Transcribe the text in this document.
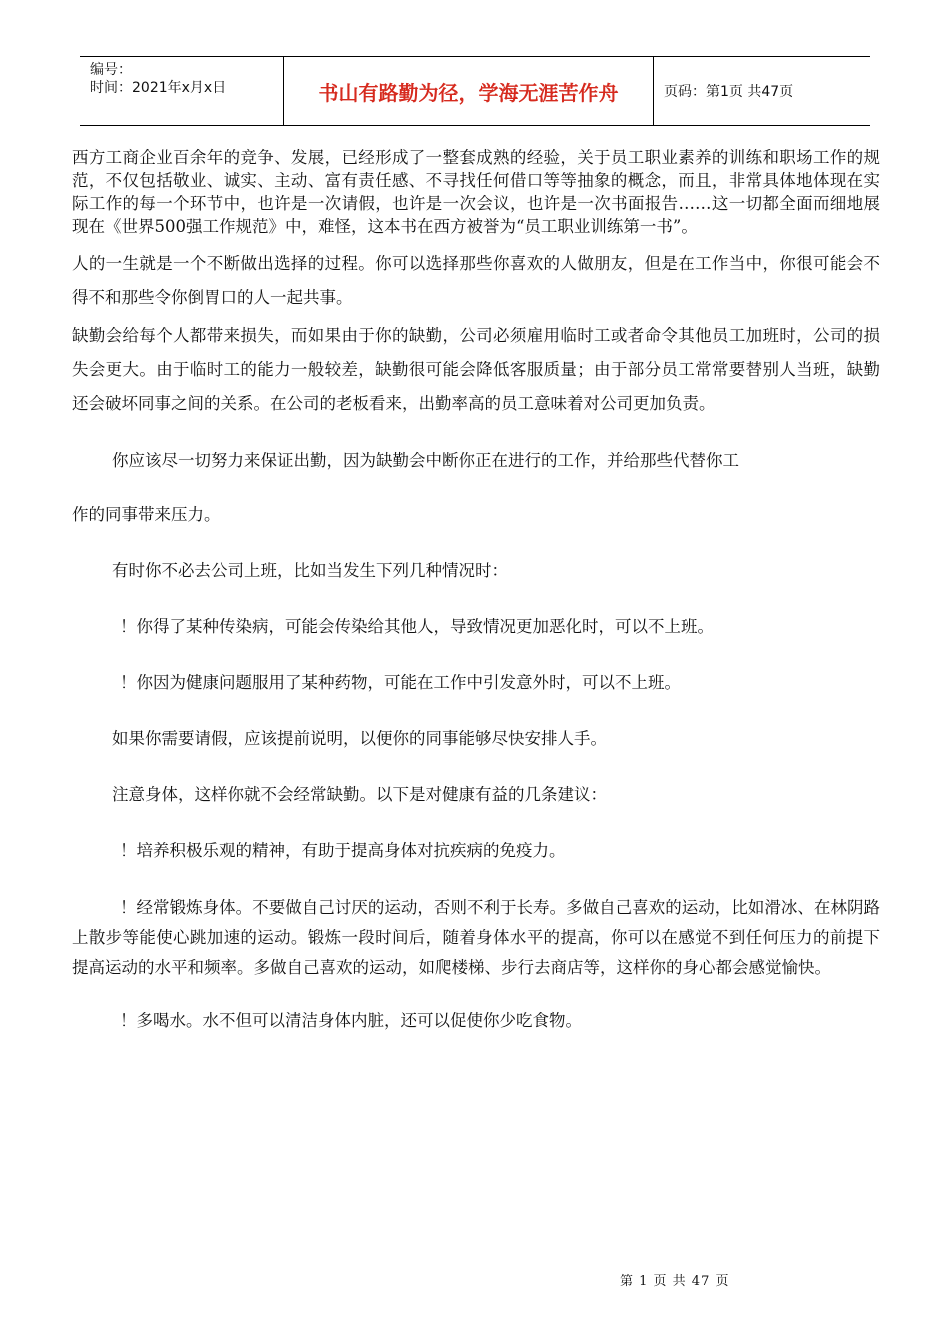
编号：
时间：2021年x月x日	书山有路勤为径，学海无涯苦作舟	页码：第1页 共47页

西方工商企业百余年的竞争、发展，已经形成了一整套成熟的经验，关于员工职业素养的训练和职场工作的规范，不仅包括敬业、诚实、主动、富有责任感、不寻找任何借口等等抽象的概念，而且，非常具体地体现在实际工作的每一个环节中，也许是一次请假，也许是一次会议，也许是一次书面报告……这一切都全面而细地展现在《世界500强工作规范》中，难怪，这本书在西方被誉为“员工职业训练第一书”。

人的一生就是一个不断做出选择的过程。你可以选择那些你喜欢的人做朋友，但是在工作当中，你很可能会不得不和那些令你倒胃口的人一起共事。

缺勤会给每个人都带来损失，而如果由于你的缺勤，公司必须雇用临时工或者命令其他员工加班时，公司的损失会更大。由于临时工的能力一般较差，缺勤很可能会降低客服质量；由于部分员工常常要替别人当班，缺勤还会破坏同事之间的关系。在公司的老板看来，出勤率高的员工意味着对公司更加负责。

你应该尽一切努力来保证出勤，因为缺勤会中断你正在进行的工作，并给那些代替你工

作的同事带来压力。

有时你不必去公司上班，比如当发生下列几种情况时：

！你得了某种传染病，可能会传染给其他人，导致情况更加恶化时，可以不上班。

！你因为健康问题服用了某种药物，可能在工作中引发意外时，可以不上班。

如果你需要请假，应该提前说明，以便你的同事能够尽快安排人手。

注意身体，这样你就不会经常缺勤。以下是对健康有益的几条建议：

！培养积极乐观的精神，有助于提高身体对抗疾病的免疫力。

！经常锻炼身体。不要做自己讨厌的运动，否则不利于长寿。多做自己喜欢的运动，比如滑冰、在林阴路上散步等能使心跳加速的运动。锻炼一段时间后，随着身体水平的提高，你可以在感觉不到任何压力的前提下提高运动的水平和频率。多做自己喜欢的运动，如爬楼梯、步行去商店等，这样你的身心都会感觉愉快。

！多喝水。水不但可以清洁身体内脏，还可以促使你少吃食物。

第 1 页 共 47 页
